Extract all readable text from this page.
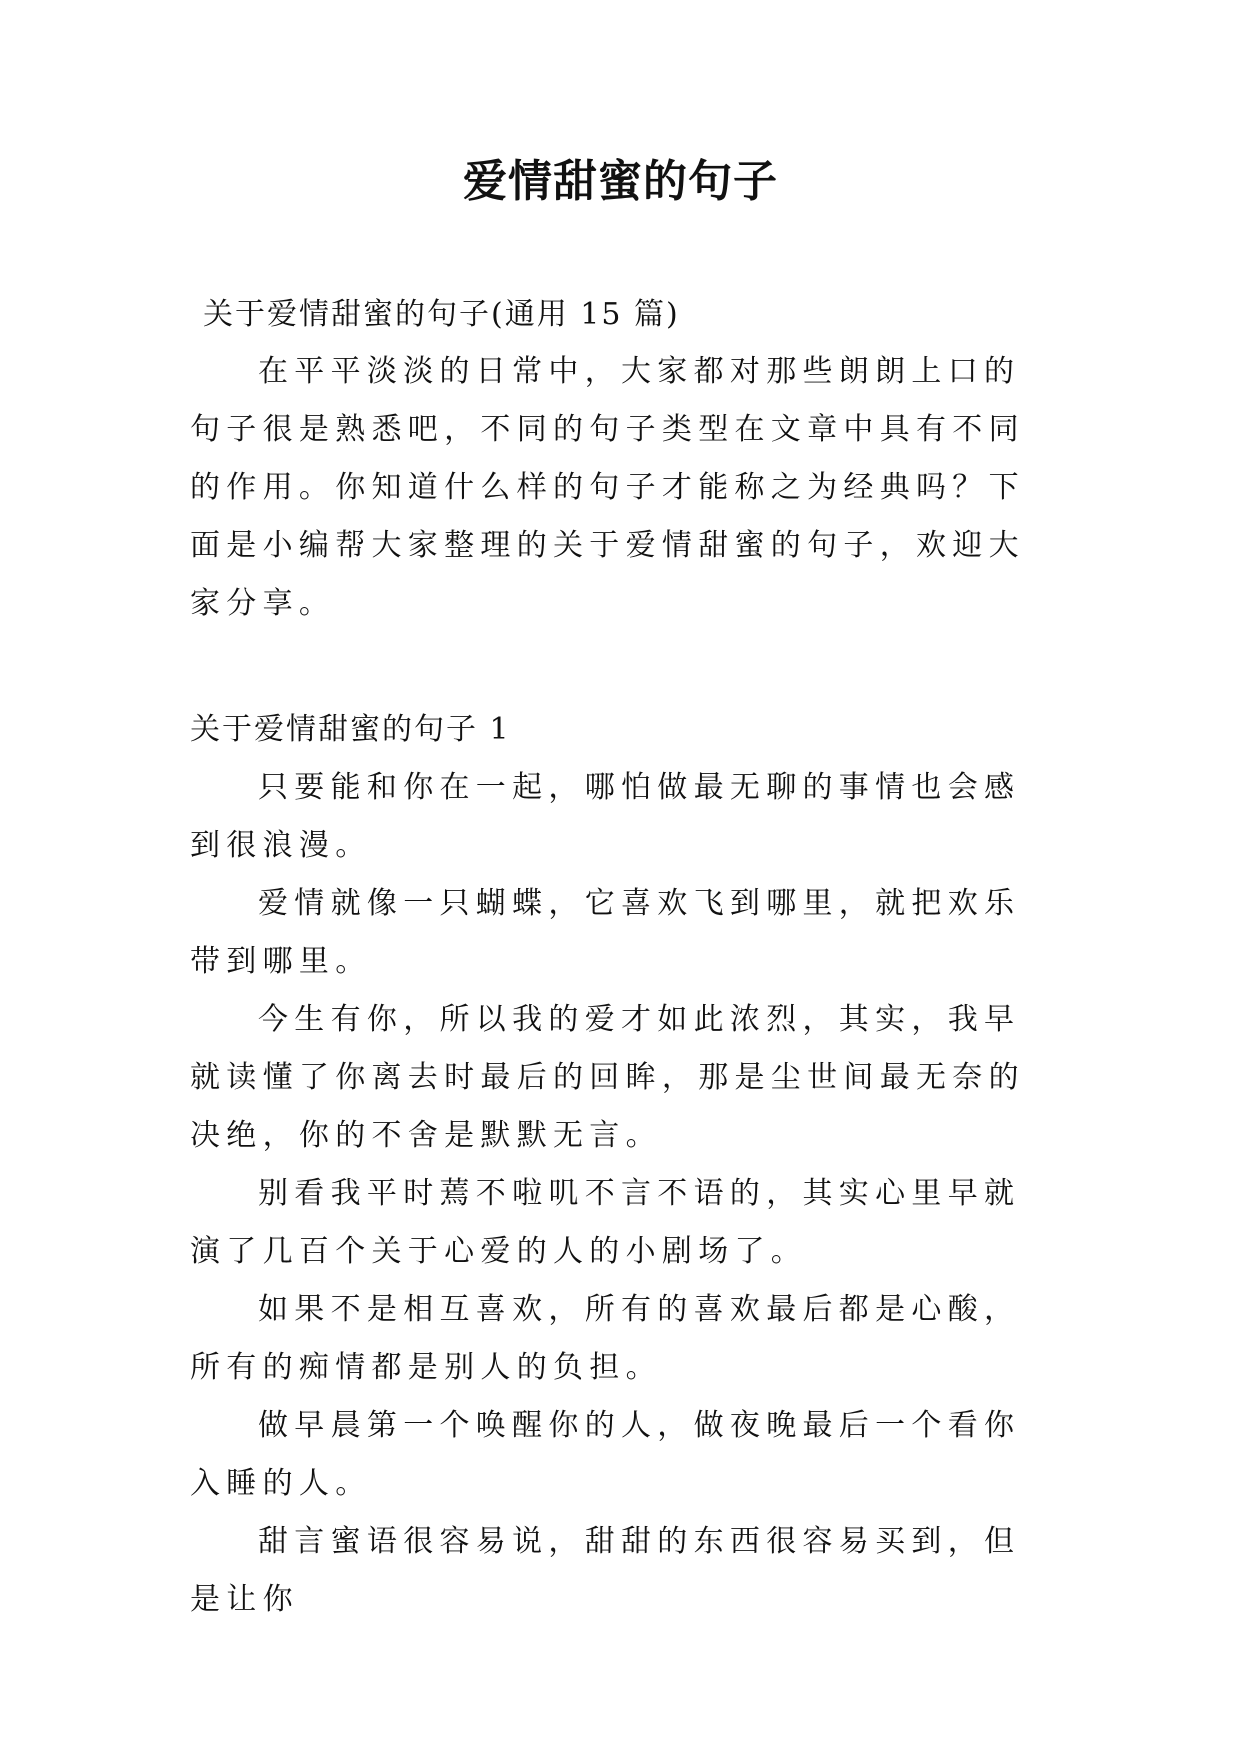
爱情甜蜜的句子
关于爱情甜蜜的句子(通用 15 篇)

在平平淡淡的日常中，大家都对那些朗朗上口的句子很是熟悉吧，不同的句子类型在文章中具有不同的作用。你知道什么样的句子才能称之为经典吗？下面是小编帮大家整理的关于爱情甜蜜的句子，欢迎大家分享。

关于爱情甜蜜的句子 1

只要能和你在一起，哪怕做最无聊的事情也会感到很浪漫。

爱情就像一只蝴蝶，它喜欢飞到哪里，就把欢乐带到哪里。

今生有你，所以我的爱才如此浓烈，其实，我早就读懂了你离去时最后的回眸，那是尘世间最无奈的决绝，你的不舍是默默无言。

别看我平时蔫不啦叽不言不语的，其实心里早就演了几百个关于心爱的人的小剧场了。

如果不是相互喜欢，所有的喜欢最后都是心酸，所有的痴情都是别人的负担。

做早晨第一个唤醒你的人，做夜晚最后一个看你入睡的人。

甜言蜜语很容易说，甜甜的东西很容易买到，但是让你
